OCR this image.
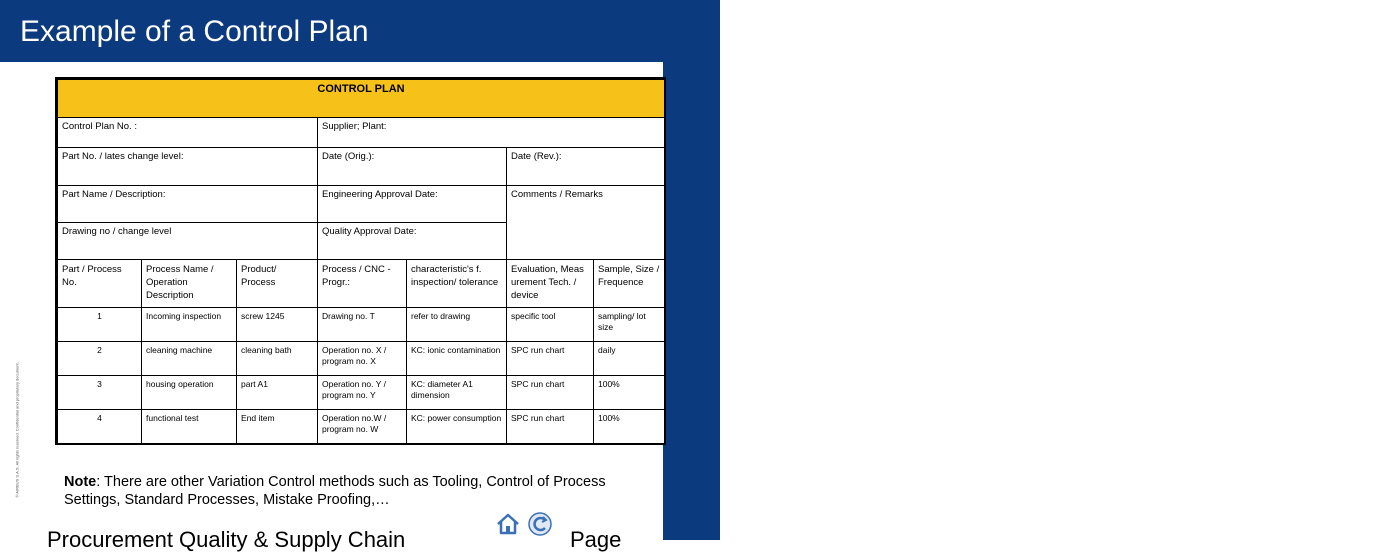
Example of a Control Plan
AIRBUS
© AIRBUS S.A.S. All rights reserved. Confidential and proprietary document.
CONTROL PLAN						
Control Plan No. :			Supplier; Plant:			
Part No. / lates change level:			Date (Orig.):		Date (Rev.):	
Part Name / Description:			Engineering Approval Date:		Comments / Remarks	
Drawing no / change level			Quality Approval Date:			
Part / Process No.	Process Name / Operation Description	Product/ Process	Process / CNC - Progr.:	characteristic's f. inspection/ tolerance	Evaluation, Meas urement Tech. / device	Sample, Size / Frequence
1	Incoming inspection	screw 1245	Drawing no. T	refer to drawing	specific tool	sampling/ lot size
2	cleaning machine	cleaning bath	Operation no. X / program no. X	KC: ionic contamination	SPC run chart	daily
3	housing operation	part A1	Operation no. Y / program no. Y	KC: diameter A1 dimension	SPC run chart	100%
4	functional test	End item	Operation no.W / program no. W	KC: power consumption	SPC run chart	100%
Note: There are other Variation Control methods such as Tooling, Control of Process Settings, Standard Processes, Mistake Proofing,…
Procurement Quality & Supply Chain	Page
